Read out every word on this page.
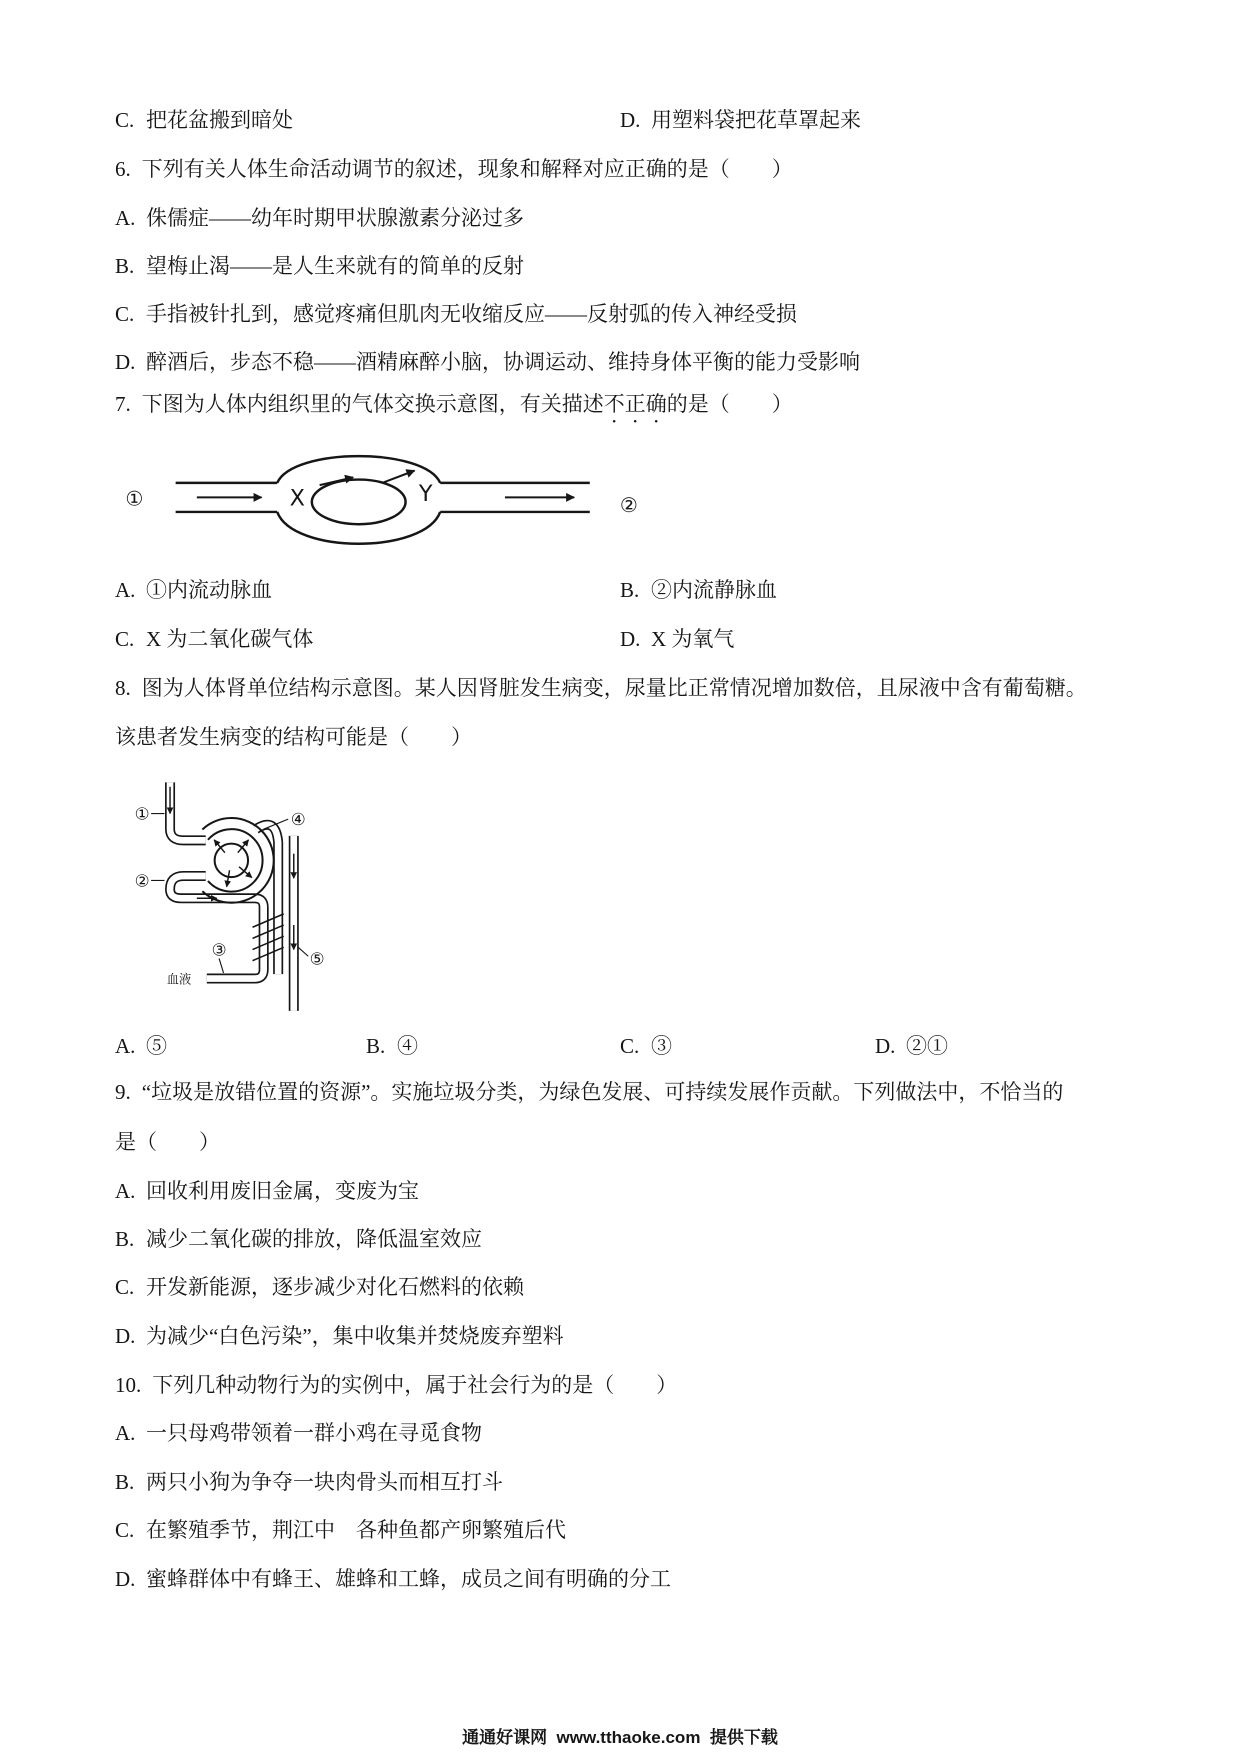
C. 把花盆搬到暗处	D. 用塑料袋把花草罩起来
6. 下列有关人体生命活动调节的叙述，现象和解释对应正确的是（　　）
A. 侏儒症——幼年时期甲状腺激素分泌过多
B. 望梅止渴——是人生来就有的简单的反射
C. 手指被针扎到，感觉疼痛但肌肉无收缩反应——反射弧的传入神经受损
D. 醉酒后，步态不稳——酒精麻醉小脑，协调运动、维持身体平衡的能力受影响
7. 下图为人体内组织里的气体交换示意图，有关描述不正确的是（　　）
①	②
X	Y
A. ①内流动脉血	B. ②内流静脉血
C. X 为二氧化碳气体	D. X 为氧气
8. 图为人体肾单位结构示意图。某人因肾脏发生病变，尿量比正常情况增加数倍，且尿液中含有葡萄糖。
该患者发生病变的结构可能是（　　）
①
②
③
④
⑤
血液
A. ⑤	B. ④	C. ③	D. ②①
9. “垃圾是放错位置的资源”。实施垃圾分类，为绿色发展、可持续发展作贡献。下列做法中，不恰当的
是（　　）
A. 回收利用废旧金属，变废为宝
B. 减少二氧化碳的排放，降低温室效应
C. 开发新能源，逐步减少对化石燃料的依赖
D. 为减少“白色污染”，集中收集并焚烧废弃塑料
10. 下列几种动物行为的实例中，属于社会行为的是（　　）
A. 一只母鸡带领着一群小鸡在寻觅食物
B. 两只小狗为争夺一块肉骨头而相互打斗
C. 在繁殖季节，荆江中　各种鱼都产卵繁殖后代
D. 蜜蜂群体中有蜂王、雄蜂和工蜂，成员之间有明确的分工
通通好课网  www.tthaoke.com  提供下载
